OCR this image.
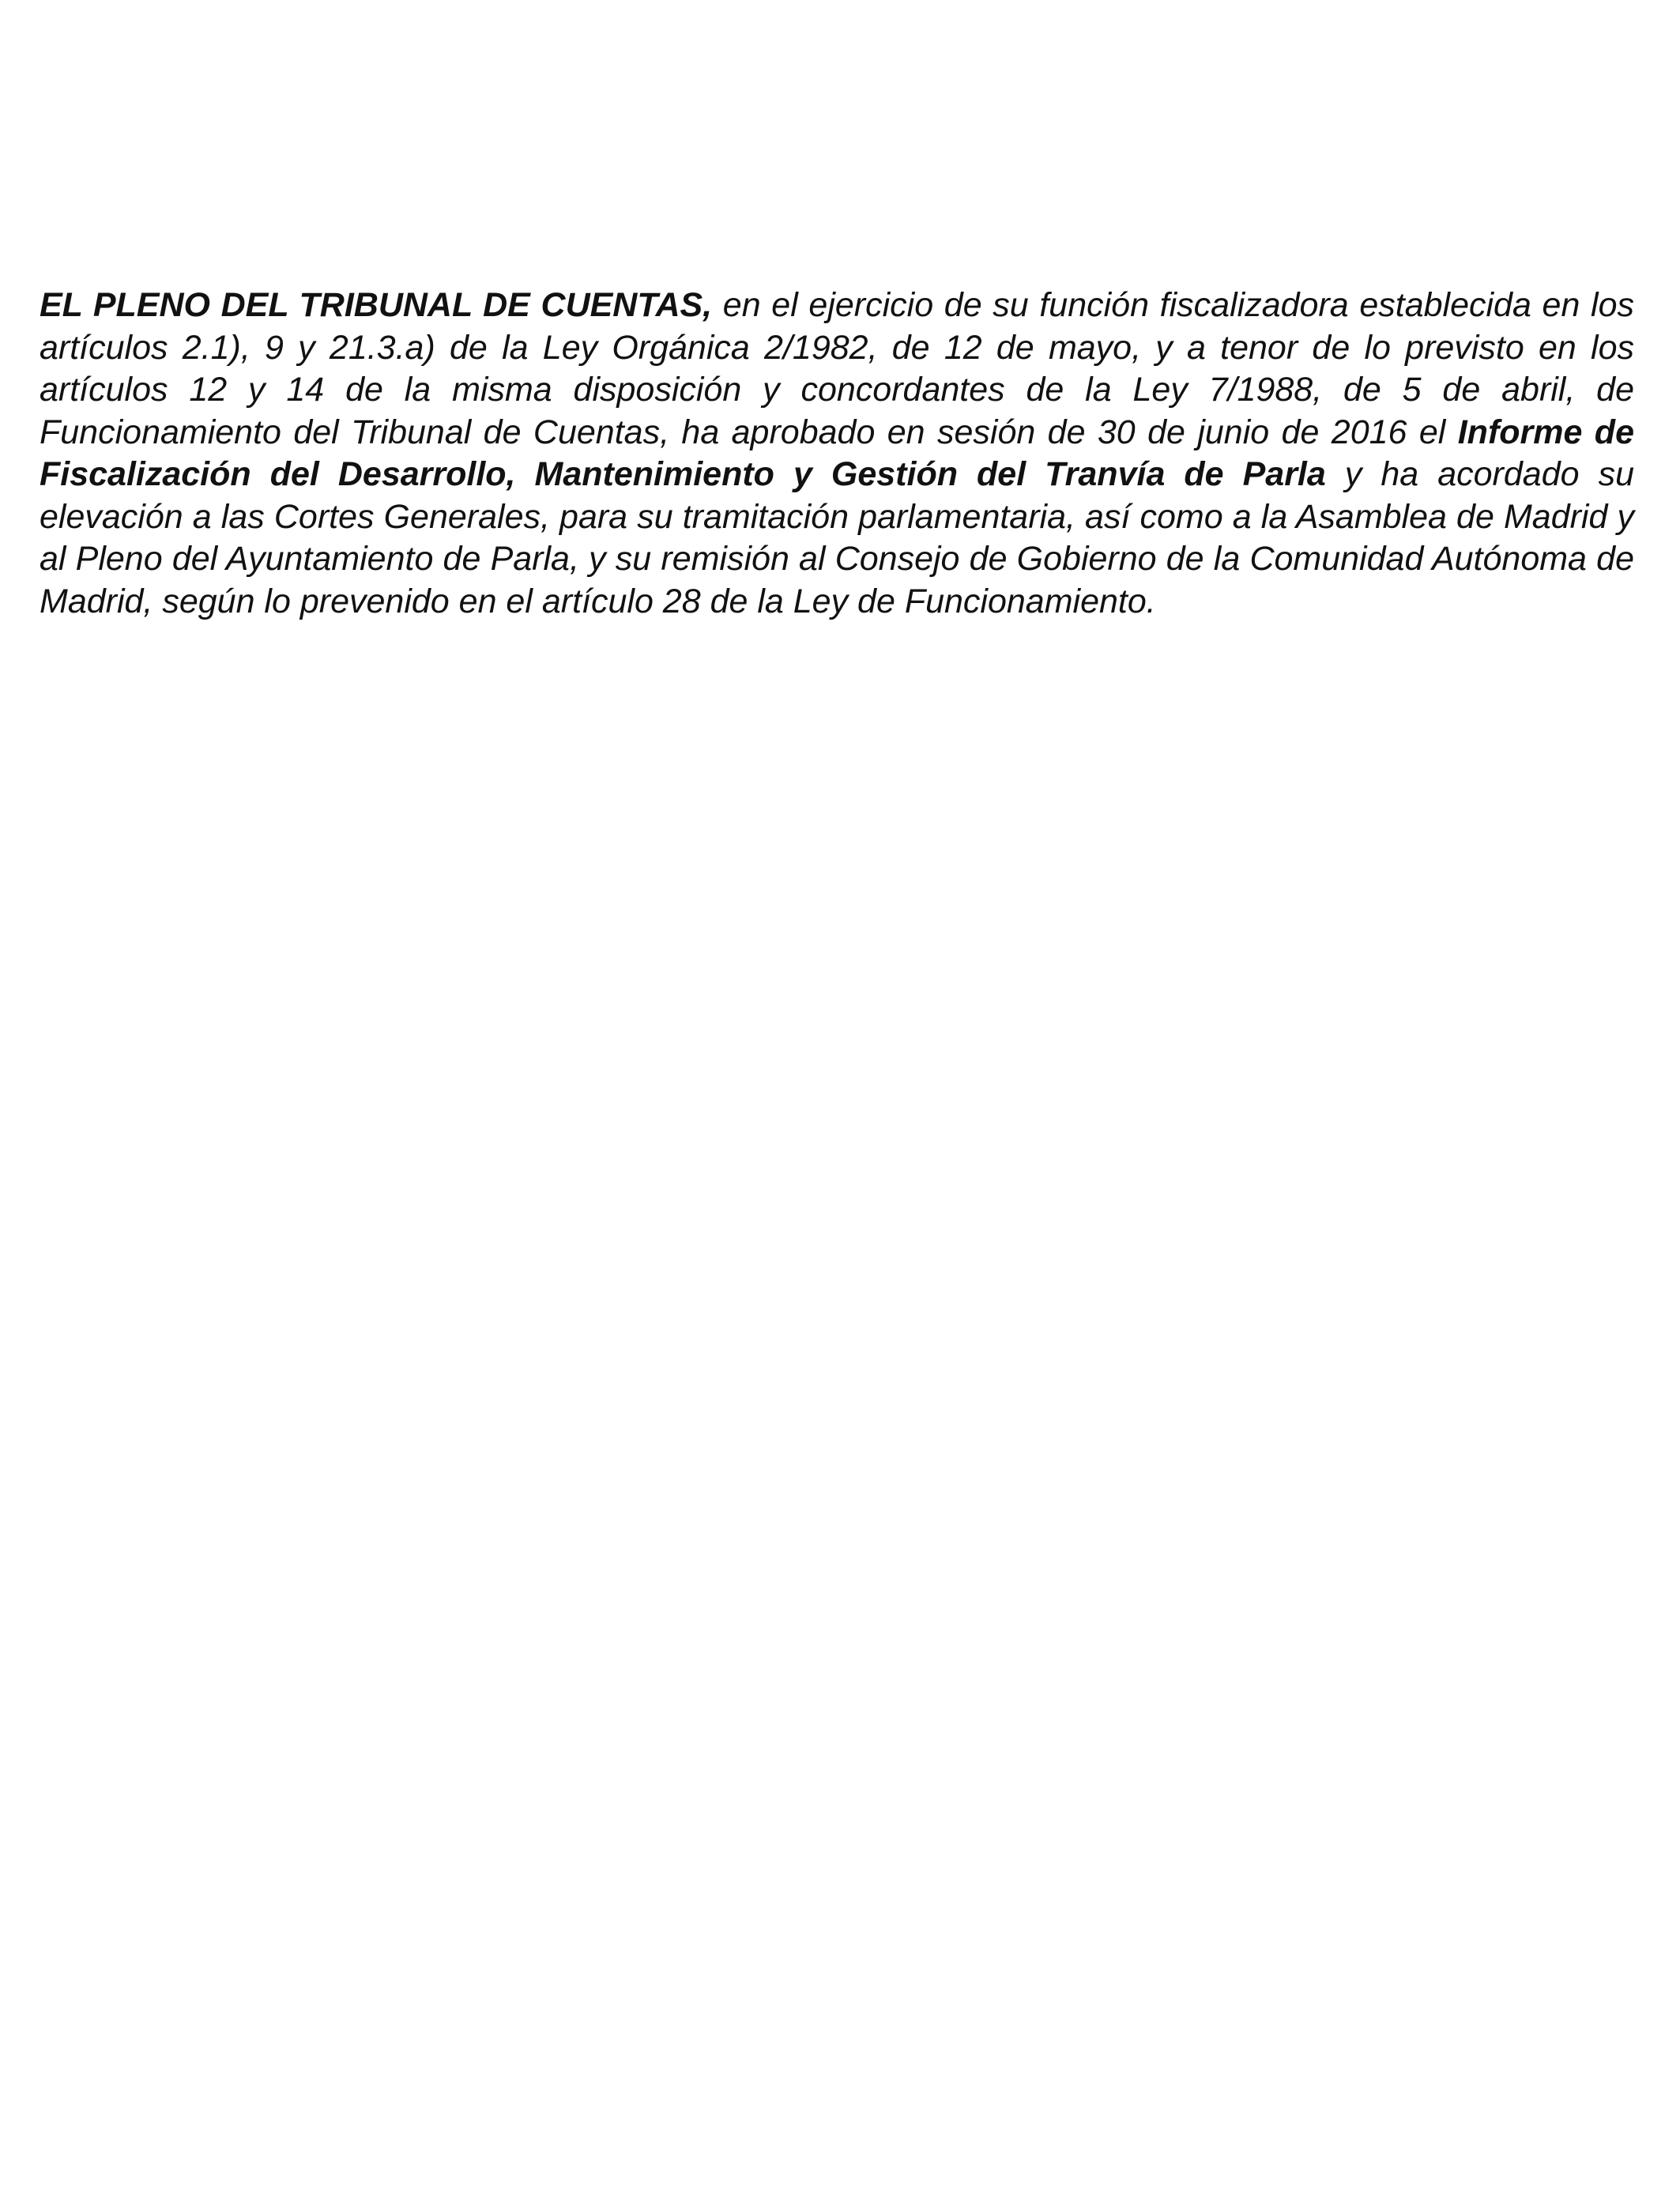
EL PLENO DEL TRIBUNAL DE CUENTAS, en el ejercicio de su función fiscalizadora establecida en los artículos 2.1), 9 y 21.3.a) de la Ley Orgánica 2/1982, de 12 de mayo, y a tenor de lo previsto en los artículos 12 y 14 de la misma disposición y concordantes de la Ley 7/1988, de 5 de abril, de Funcionamiento del Tribunal de Cuentas, ha aprobado en sesión de 30 de junio de 2016 el Informe de Fiscalización del Desarrollo, Mantenimiento y Gestión del Tranvía de Parla y ha acordado su elevación a las Cortes Generales, para su tramitación parlamentaria, así como a la Asamblea de Madrid y al Pleno del Ayuntamiento de Parla, y su remisión al Consejo de Gobierno de la Comunidad Autónoma de Madrid, según lo prevenido en el artículo 28 de la Ley de Funcionamiento.
